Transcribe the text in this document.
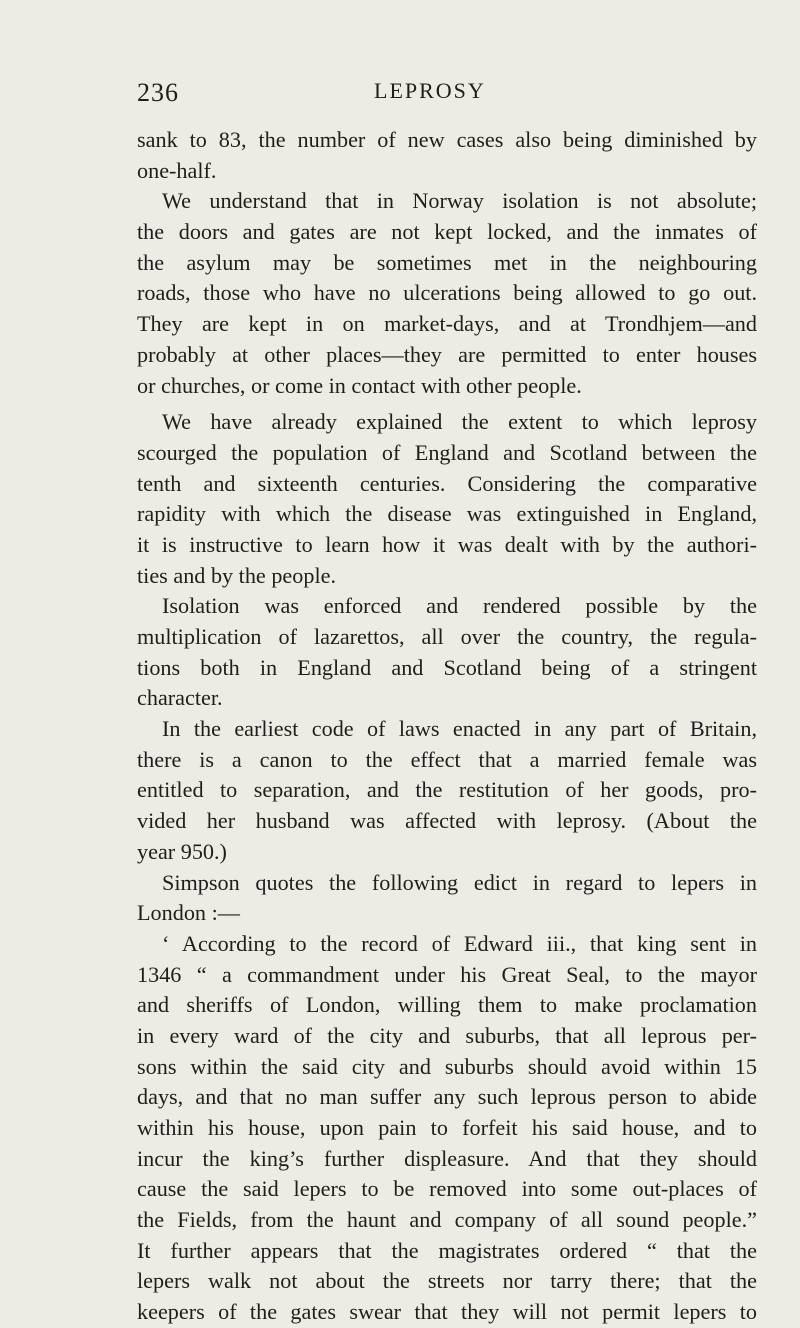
236	LEPROSY
sank to 83, the number of new cases also being diminished by
one-half.
We understand that in Norway isolation is not absolute;
the doors and gates are not kept locked, and the inmates of
the asylum may be sometimes met in the neighbouring
roads, those who have no ulcerations being allowed to go out.
They are kept in on market-days, and at Trondhjem—and
probably at other places—they are permitted to enter houses
or churches, or come in contact with other people.
We have already explained the extent to which leprosy
scourged the population of England and Scotland between the
tenth and sixteenth centuries. Considering the comparative
rapidity with which the disease was extinguished in England,
it is instructive to learn how it was dealt with by the authori-
ties and by the people.
Isolation was enforced and rendered possible by the
multiplication of lazarettos, all over the country, the regula-
tions both in England and Scotland being of a stringent
character.
In the earliest code of laws enacted in any part of Britain,
there is a canon to the effect that a married female was
entitled to separation, and the restitution of her goods, pro-
vided her husband was affected with leprosy. (About the
year 950.)
Simpson quotes the following edict in regard to lepers in
London :—
‘ According to the record of Edward iii., that king sent in
1346 “ a commandment under his Great Seal, to the mayor
and sheriffs of London, willing them to make proclamation
in every ward of the city and suburbs, that all leprous per-
sons within the said city and suburbs should avoid within 15
days, and that no man suffer any such leprous person to abide
within his house, upon pain to forfeit his said house, and to
incur the king’s further displeasure. And that they should
cause the said lepers to be removed into some out-places of
the Fields, from the haunt and company of all sound people.”
It further appears that the magistrates ordered “ that the
lepers walk not about the streets nor tarry there; that the
keepers of the gates swear that they will not permit lepers to
